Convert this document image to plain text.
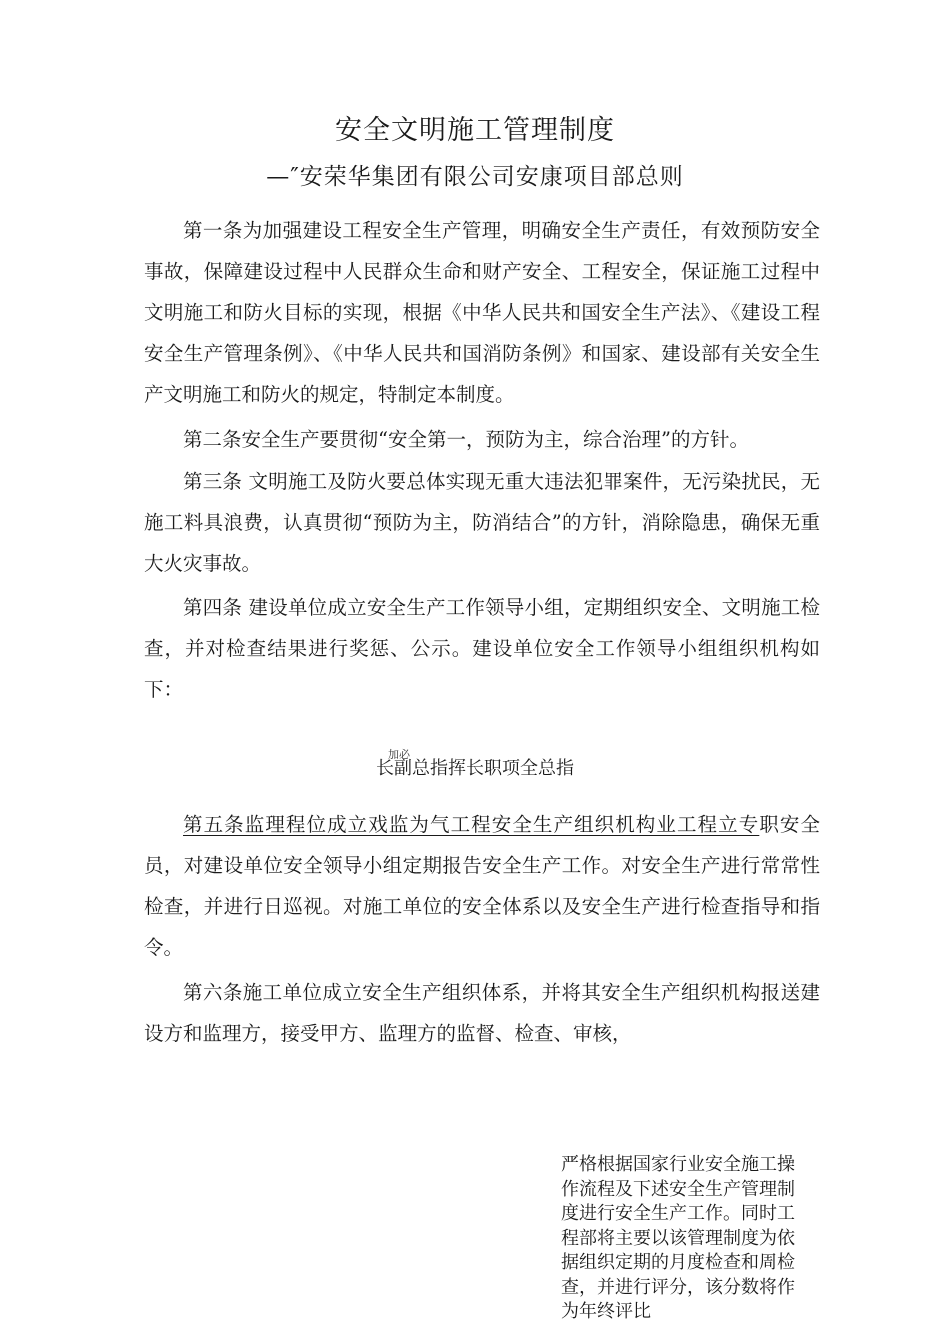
安全文明施工管理制度
—″安荣华集团有限公司安康项目部总则

第一条为加强建设工程安全生产管理，明确安全生产责任，有效预防安全事故，保障建设过程中人民群众生命和财产安全、工程安全，保证施工过程中文明施工和防火目标的实现，根据《中华人民共和国安全生产法》、《建设工程安全生产管理条例》、《中华人民共和国消防条例》和国家、建设部有关安全生产文明施工和防火的规定，特制定本制度。

第二条安全生产要贯彻“安全第一，预防为主，综合治理”的方针。

第三条 文明施工及防火要总体实现无重大违法犯罪案件，无污染扰民，无施工料具浪费，认真贯彻“预防为主，防消结合”的方针，消除隐患，确保无重大火灾事故。

第四条 建设单位成立安全生产工作领导小组，定期组织安全、文明施工检查，并对检查结果进行奖惩、公示。建设单位安全工作领导小组组织机构如下：

加必
长副总指挥长职项全总指

第五条监理程位成立戏监为气工程安全生产组织机构业工程立专职安全员，对建设单位安全领导小组定期报告安全生产工作。对安全生产进行常常性检查，并进行日巡视。对施工单位的安全体系以及安全生产进行检查指导和指令。

第六条施工单位成立安全生产组织体系，并将其安全生产组织机构报送建设方和监理方，接受甲方、监理方的监督、检查、审核，

严格根据国家行业安全施工操作流程及下述安全生产管理制度进行安全生产工作。同时工程部将主要以该管理制度为依据组织定期的月度检查和周检查，并进行评分，该分数将作为年终评比
